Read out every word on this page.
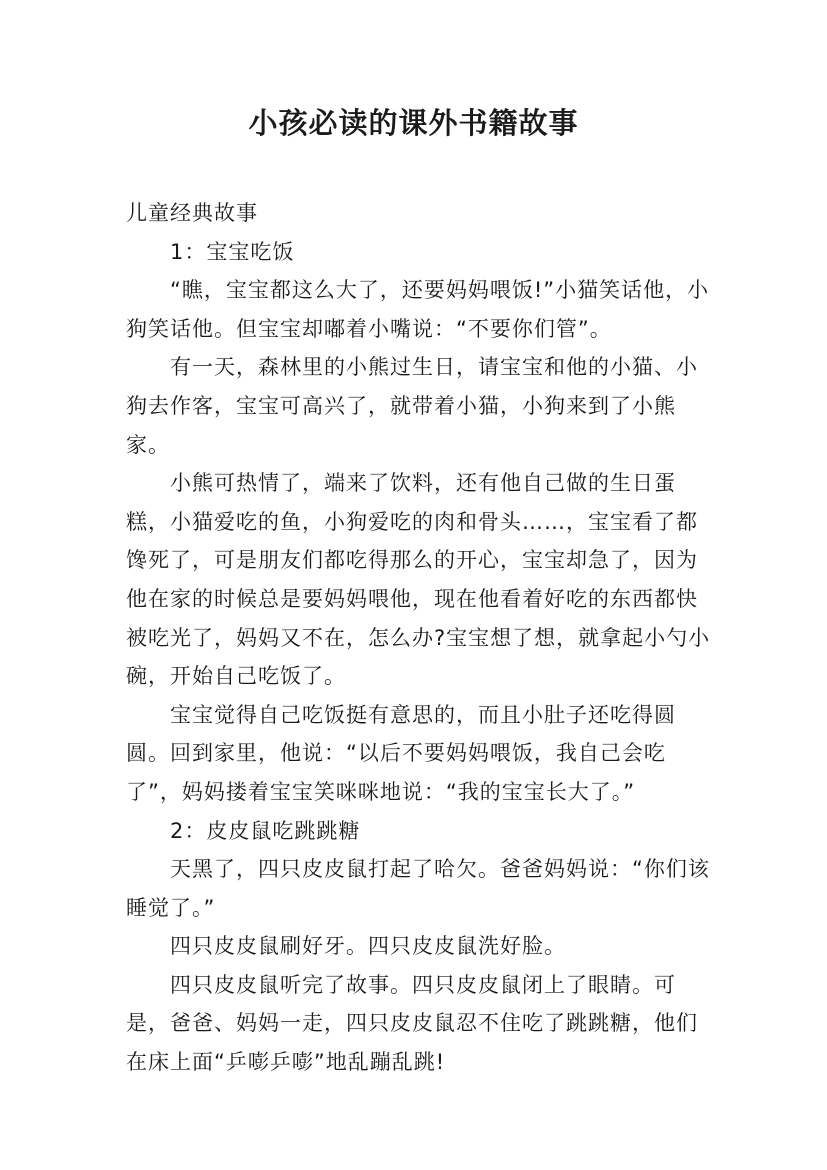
小孩必读的课外书籍故事

儿童经典故事

1：宝宝吃饭

“瞧，宝宝都这么大了，还要妈妈喂饭!”小猫笑话他，小狗笑话他。但宝宝却嘟着小嘴说：“不要你们管”。

有一天，森林里的小熊过生日，请宝宝和他的小猫、小狗去作客，宝宝可高兴了，就带着小猫，小狗来到了小熊家。

小熊可热情了，端来了饮料，还有他自己做的生日蛋糕，小猫爱吃的鱼，小狗爱吃的肉和骨头……，宝宝看了都馋死了，可是朋友们都吃得那么的开心，宝宝却急了，因为他在家的时候总是要妈妈喂他，现在他看着好吃的东西都快被吃光了，妈妈又不在，怎么办?宝宝想了想，就拿起小勺小碗，开始自己吃饭了。

宝宝觉得自己吃饭挺有意思的，而且小肚子还吃得圆圆。回到家里，他说：“以后不要妈妈喂饭，我自己会吃了”，妈妈搂着宝宝笑咪咪地说：“我的宝宝长大了。”

2：皮皮鼠吃跳跳糖

天黑了，四只皮皮鼠打起了哈欠。爸爸妈妈说：“你们该睡觉了。”

四只皮皮鼠刷好牙。四只皮皮鼠洗好脸。

四只皮皮鼠听完了故事。四只皮皮鼠闭上了眼睛。可是，爸爸、妈妈一走，四只皮皮鼠忍不住吃了跳跳糖，他们在床上面“乒嘭乒嘭”地乱蹦乱跳!
